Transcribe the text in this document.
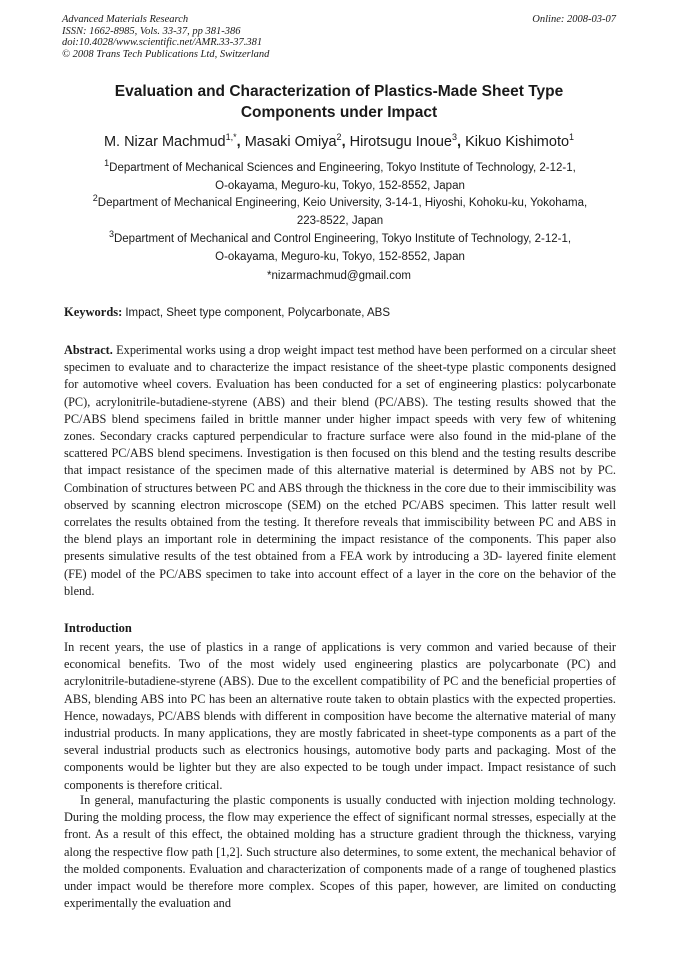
Advanced Materials Research
ISSN: 1662-8985, Vols. 33-37, pp 381-386
doi:10.4028/www.scientific.net/AMR.33-37.381
© 2008 Trans Tech Publications Ltd, Switzerland
Online: 2008-03-07
Evaluation and Characterization of Plastics-Made Sheet Type
Components under Impact
M. Nizar Machmud$^{1,*}$, Masaki Omiya$^2$, Hirotsugu Inoue$^3$, Kikuo Kishimoto$^1$
$^1$Department of Mechanical Sciences and Engineering, Tokyo Institute of Technology, 2-12-1,
O-okayama, Meguro-ku, Tokyo, 152-8552, Japan
$^2$Department of Mechanical Engineering, Keio University, 3-14-1, Hiyoshi, Kohoku-ku, Yokohama,
223-8522, Japan
$^3$Department of Mechanical and Control Engineering, Tokyo Institute of Technology, 2-12-1,
O-okayama, Meguro-ku, Tokyo, 152-8552, Japan
*nizarmachmud@gmail.com
Keywords: Impact, Sheet type component, Polycarbonate, ABS
Abstract. Experimental works using a drop weight impact test method have been performed on a circular sheet specimen to evaluate and to characterize the impact resistance of the sheet-type plastic components designed for automotive wheel covers. Evaluation has been conducted for a set of engineering plastics: polycarbonate (PC), acrylonitrile-butadiene-styrene (ABS) and their blend (PC/ABS). The testing results showed that the PC/ABS blend specimens failed in brittle manner under higher impact speeds with very few of whitening zones. Secondary cracks captured perpendicular to fracture surface were also found in the mid-plane of the scattered PC/ABS blend specimens. Investigation is then focused on this blend and the testing results describe that impact resistance of the specimen made of this alternative material is determined by ABS not by PC. Combination of structures between PC and ABS through the thickness in the core due to their immiscibility was observed by scanning electron microscope (SEM) on the etched PC/ABS specimen. This latter result well correlates the results obtained from the testing. It therefore reveals that immiscibility between PC and ABS in the blend plays an important role in determining the impact resistance of the components. This paper also presents simulative results of the test obtained from a FEA work by introducing a 3D- layered finite element (FE) model of the PC/ABS specimen to take into account effect of a layer in the core on the behavior of the blend.
Introduction
In recent years, the use of plastics in a range of applications is very common and varied because of their economical benefits. Two of the most widely used engineering plastics are polycarbonate (PC) and acrylonitrile-butadiene-styrene (ABS). Due to the excellent compatibility of PC and the beneficial properties of ABS, blending ABS into PC has been an alternative route taken to obtain plastics with the expected properties. Hence, nowadays, PC/ABS blends with different in composition have become the alternative material of many industrial products. In many applications, they are mostly fabricated in sheet-type components as a part of the several industrial products such as electronics housings, automotive body parts and packaging. Most of the components would be lighter but they are also expected to be tough under impact. Impact resistance of such components is therefore critical.
In general, manufacturing the plastic components is usually conducted with injection molding technology. During the molding process, the flow may experience the effect of significant normal stresses, especially at the front. As a result of this effect, the obtained molding has a structure gradient through the thickness, varying along the respective flow path [1,2]. Such structure also determines, to some extent, the mechanical behavior of the molded components. Evaluation and characterization of components made of a range of toughened plastics under impact would be therefore more complex. Scopes of this paper, however, are limited on conducting experimentally the evaluation and
